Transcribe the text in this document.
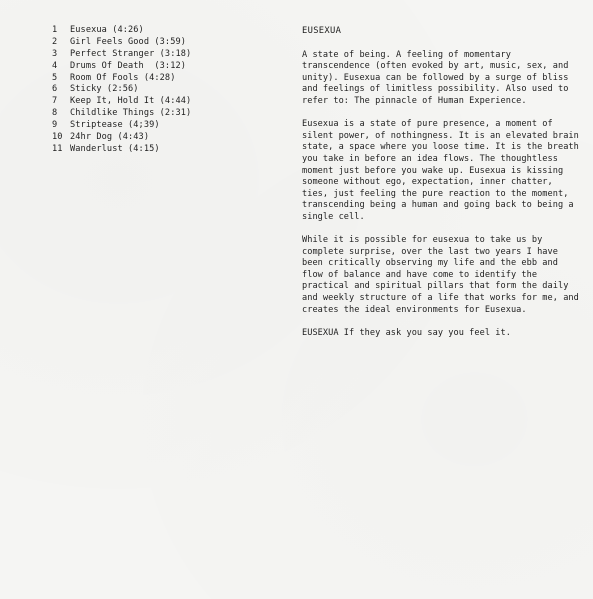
1	Eusexua (4:26)
2	Girl Feels Good (3:59)
3	Perfect Stranger (3:18)
4	Drums Of Death  (3:12)
5	Room Of Fools (4:28)
6	Sticky (2:56)
7	Keep It, Hold It (4:44)
8	Childlike Things (2:31)
9	Striptease (4;39)
10 24hr Dog (4:43)
11 Wanderlust (4:15)
EUSEXUA

A state of being. A feeling of momentary transcendence (often evoked by art, music, sex, and unity). Eusexua can be followed by a surge of bliss and feelings of limitless possibility. Also used to refer to: The pinnacle of Human Experience.

Eusexua is a state of pure presence, a moment of silent power, of nothingness. It is an elevated brain state, a space where you loose time. It is the breath you take in before an idea flows. The thoughtless moment just before you wake up. Eusexua is kissing someone without ego, expectation, inner chatter, ties, just feeling the pure reaction to the moment, transcending being a human and going back to being a single cell.

While it is possible for eusexua to take us by complete surprise, over the last two years I have been critically observing my life and the ebb and flow of balance and have come to identify the practical and spiritual pillars that form the daily and weekly structure of a life that works for me, and creates the ideal environments for Eusexua.

EUSEXUA If they ask you say you feel it.
